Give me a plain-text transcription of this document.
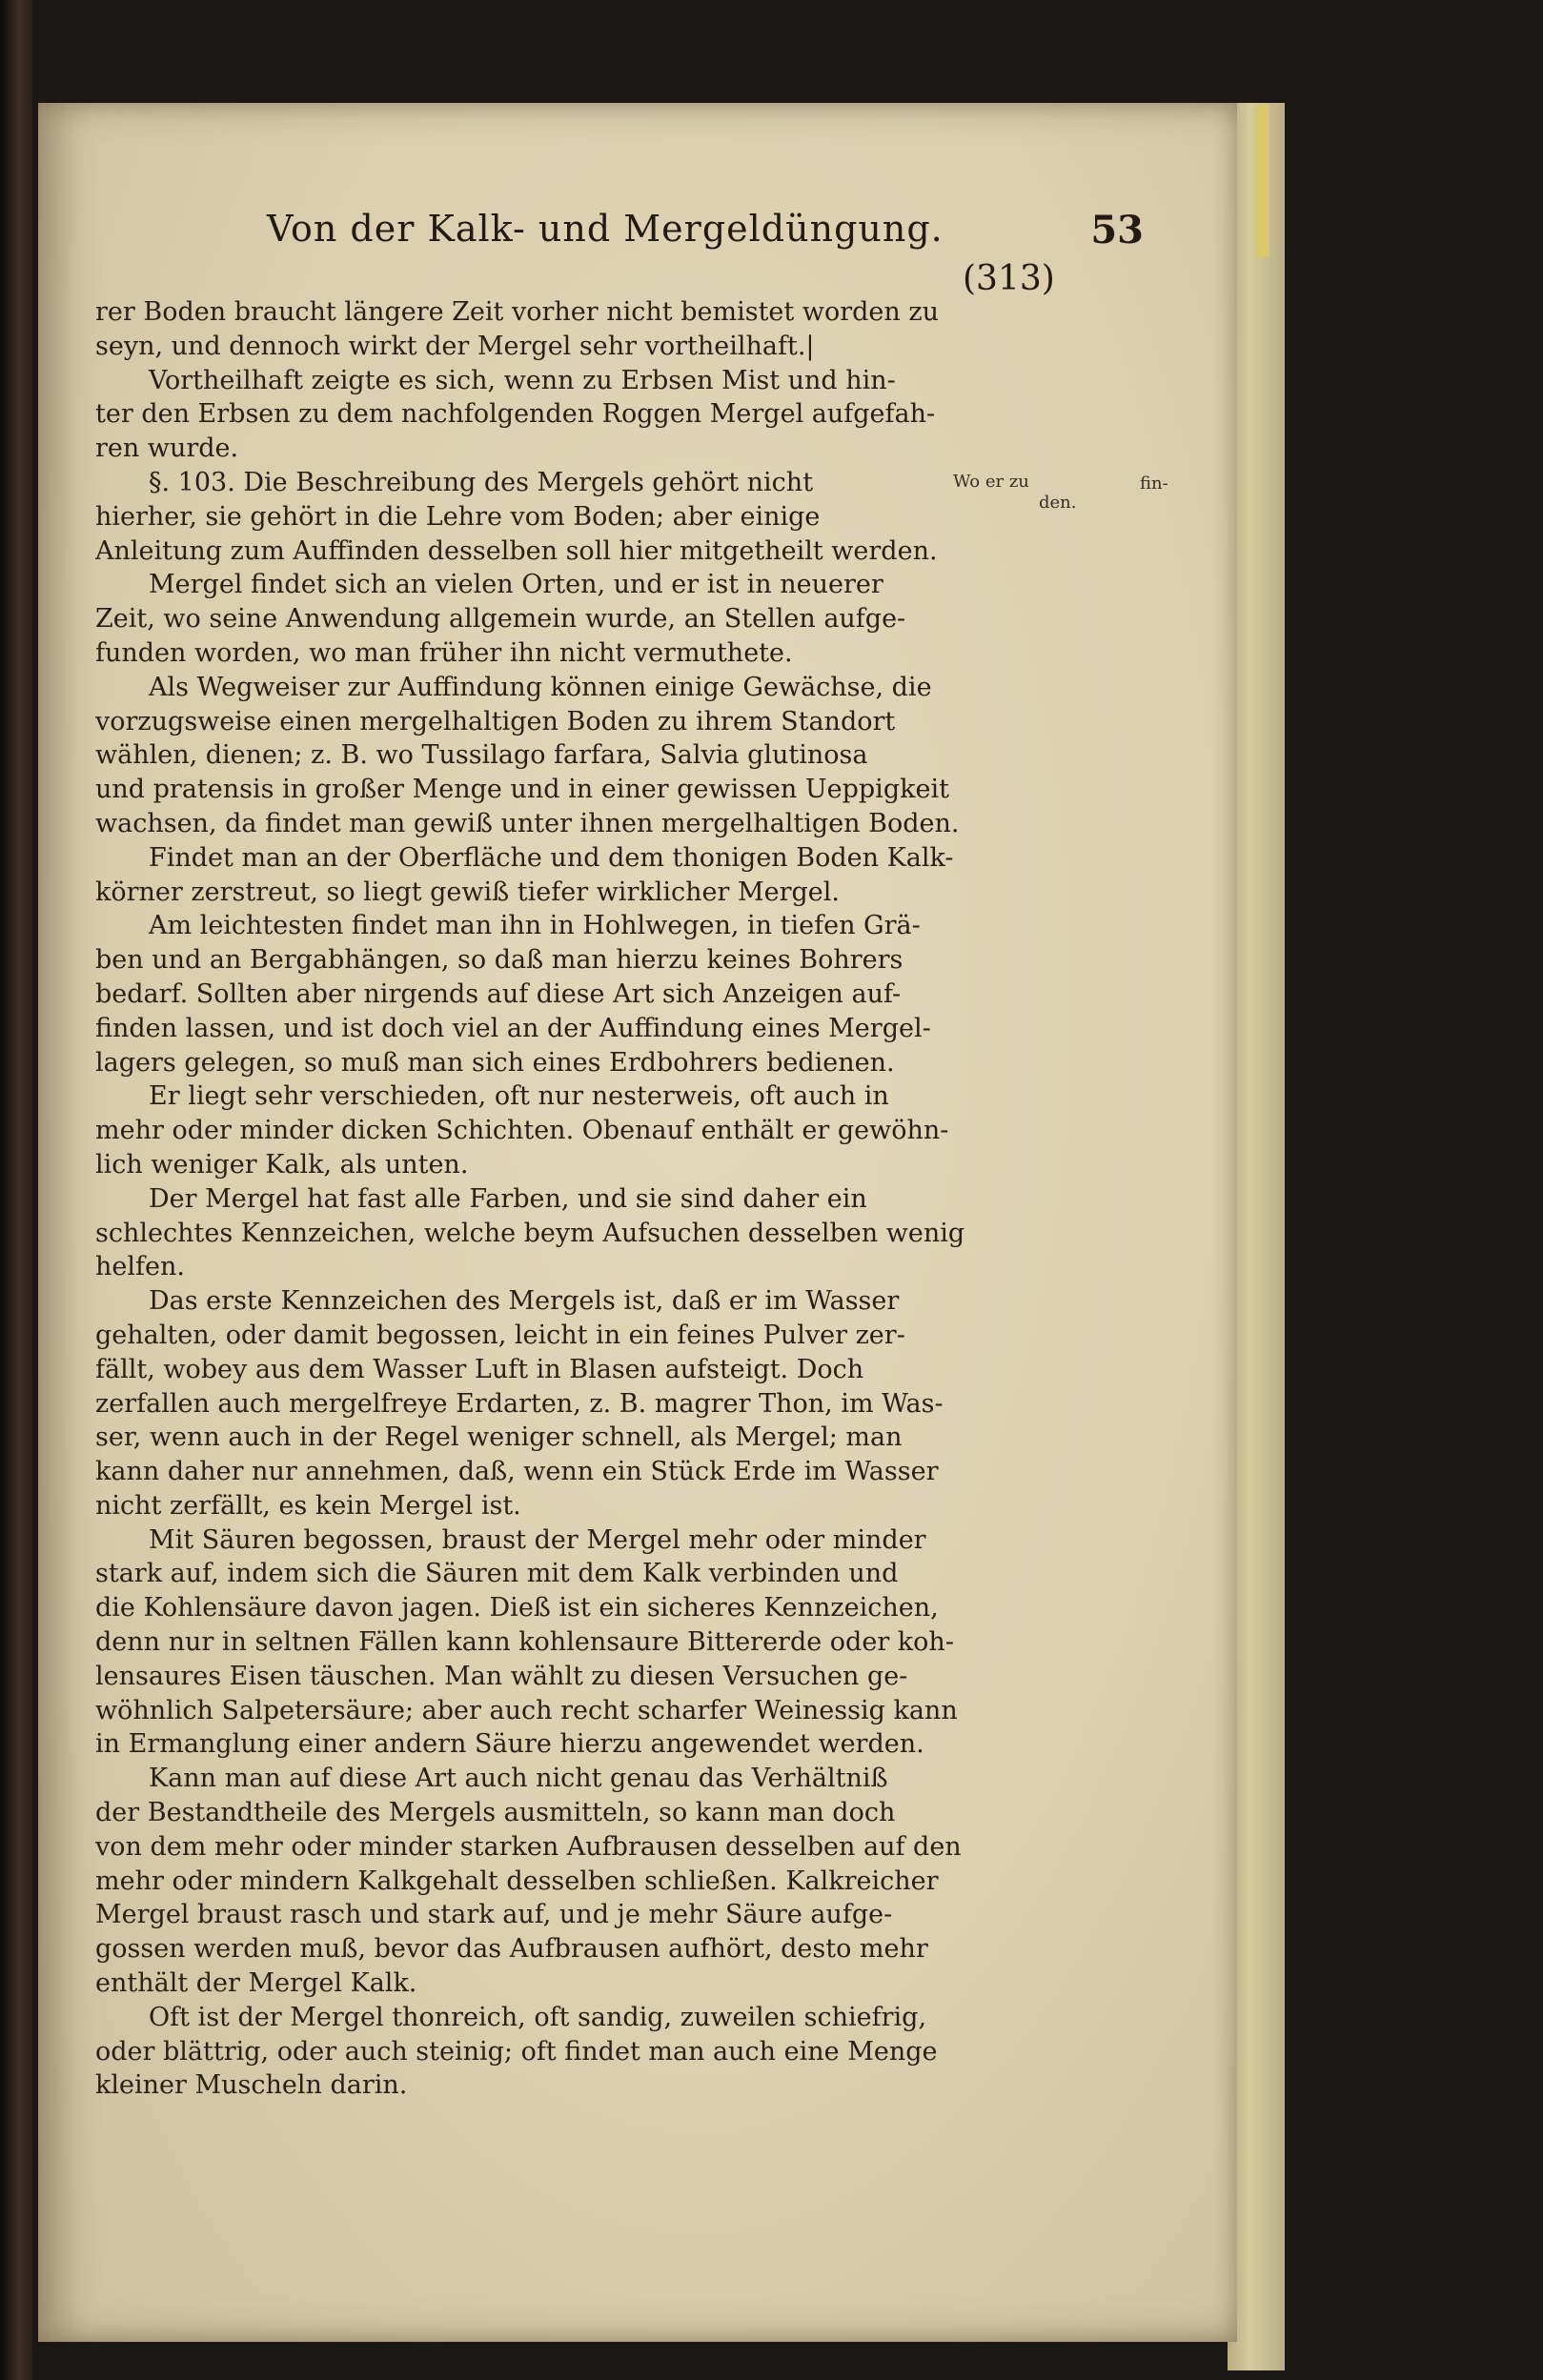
Von der Kalk- und Mergeldüngung.	53
(313)
Wo er zu
den.
fin-
rer Boden braucht längere Zeit vorher nicht bemistet worden zu
seyn, und dennoch wirkt der Mergel sehr vortheilhaft.|
Vortheilhaft zeigte es sich, wenn zu Erbsen Mist und hin-
ter den Erbsen zu dem nachfolgenden Roggen Mergel aufgefah-
ren wurde.
§. 103. Die Beschreibung des Mergels gehört nicht
hierher, sie gehört in die Lehre vom Boden; aber einige
Anleitung zum Auffinden desselben soll hier mitgetheilt werden.
Mergel findet sich an vielen Orten, und er ist in neuerer
Zeit, wo seine Anwendung allgemein wurde, an Stellen aufge-
funden worden, wo man früher ihn nicht vermuthete.
Als Wegweiser zur Auffindung können einige Gewächse, die
vorzugsweise einen mergelhaltigen Boden zu ihrem Standort
wählen, dienen; z. B. wo Tussilago farfara, Salvia glutinosa
und pratensis in großer Menge und in einer gewissen Ueppigkeit
wachsen, da findet man gewiß unter ihnen mergelhaltigen Boden.
Findet man an der Oberfläche und dem thonigen Boden Kalk-
körner zerstreut, so liegt gewiß tiefer wirklicher Mergel.
Am leichtesten findet man ihn in Hohlwegen, in tiefen Grä-
ben und an Bergabhängen, so daß man hierzu keines Bohrers
bedarf. Sollten aber nirgends auf diese Art sich Anzeigen auf-
finden lassen, und ist doch viel an der Auffindung eines Mergel-
lagers gelegen, so muß man sich eines Erdbohrers bedienen.
Er liegt sehr verschieden, oft nur nesterweis, oft auch in
mehr oder minder dicken Schichten. Obenauf enthält er gewöhn-
lich weniger Kalk, als unten.
Der Mergel hat fast alle Farben, und sie sind daher ein
schlechtes Kennzeichen, welche beym Aufsuchen desselben wenig
helfen.
Das erste Kennzeichen des Mergels ist, daß er im Wasser
gehalten, oder damit begossen, leicht in ein feines Pulver zer-
fällt, wobey aus dem Wasser Luft in Blasen aufsteigt. Doch
zerfallen auch mergelfreye Erdarten, z. B. magrer Thon, im Was-
ser, wenn auch in der Regel weniger schnell, als Mergel; man
kann daher nur annehmen, daß, wenn ein Stück Erde im Wasser
nicht zerfällt, es kein Mergel ist.
Mit Säuren begossen, braust der Mergel mehr oder minder
stark auf, indem sich die Säuren mit dem Kalk verbinden und
die Kohlensäure davon jagen. Dieß ist ein sicheres Kennzeichen,
denn nur in seltnen Fällen kann kohlensaure Bittererde oder koh-
lensaures Eisen täuschen. Man wählt zu diesen Versuchen ge-
wöhnlich Salpetersäure; aber auch recht scharfer Weinessig kann
in Ermanglung einer andern Säure hierzu angewendet werden.
Kann man auf diese Art auch nicht genau das Verhältniß
der Bestandtheile des Mergels ausmitteln, so kann man doch
von dem mehr oder minder starken Aufbrausen desselben auf den
mehr oder mindern Kalkgehalt desselben schließen. Kalkreicher
Mergel braust rasch und stark auf, und je mehr Säure aufge-
gossen werden muß, bevor das Aufbrausen aufhört, desto mehr
enthält der Mergel Kalk.
Oft ist der Mergel thonreich, oft sandig, zuweilen schiefrig,
oder blättrig, oder auch steinig; oft findet man auch eine Menge
kleiner Muscheln darin.
